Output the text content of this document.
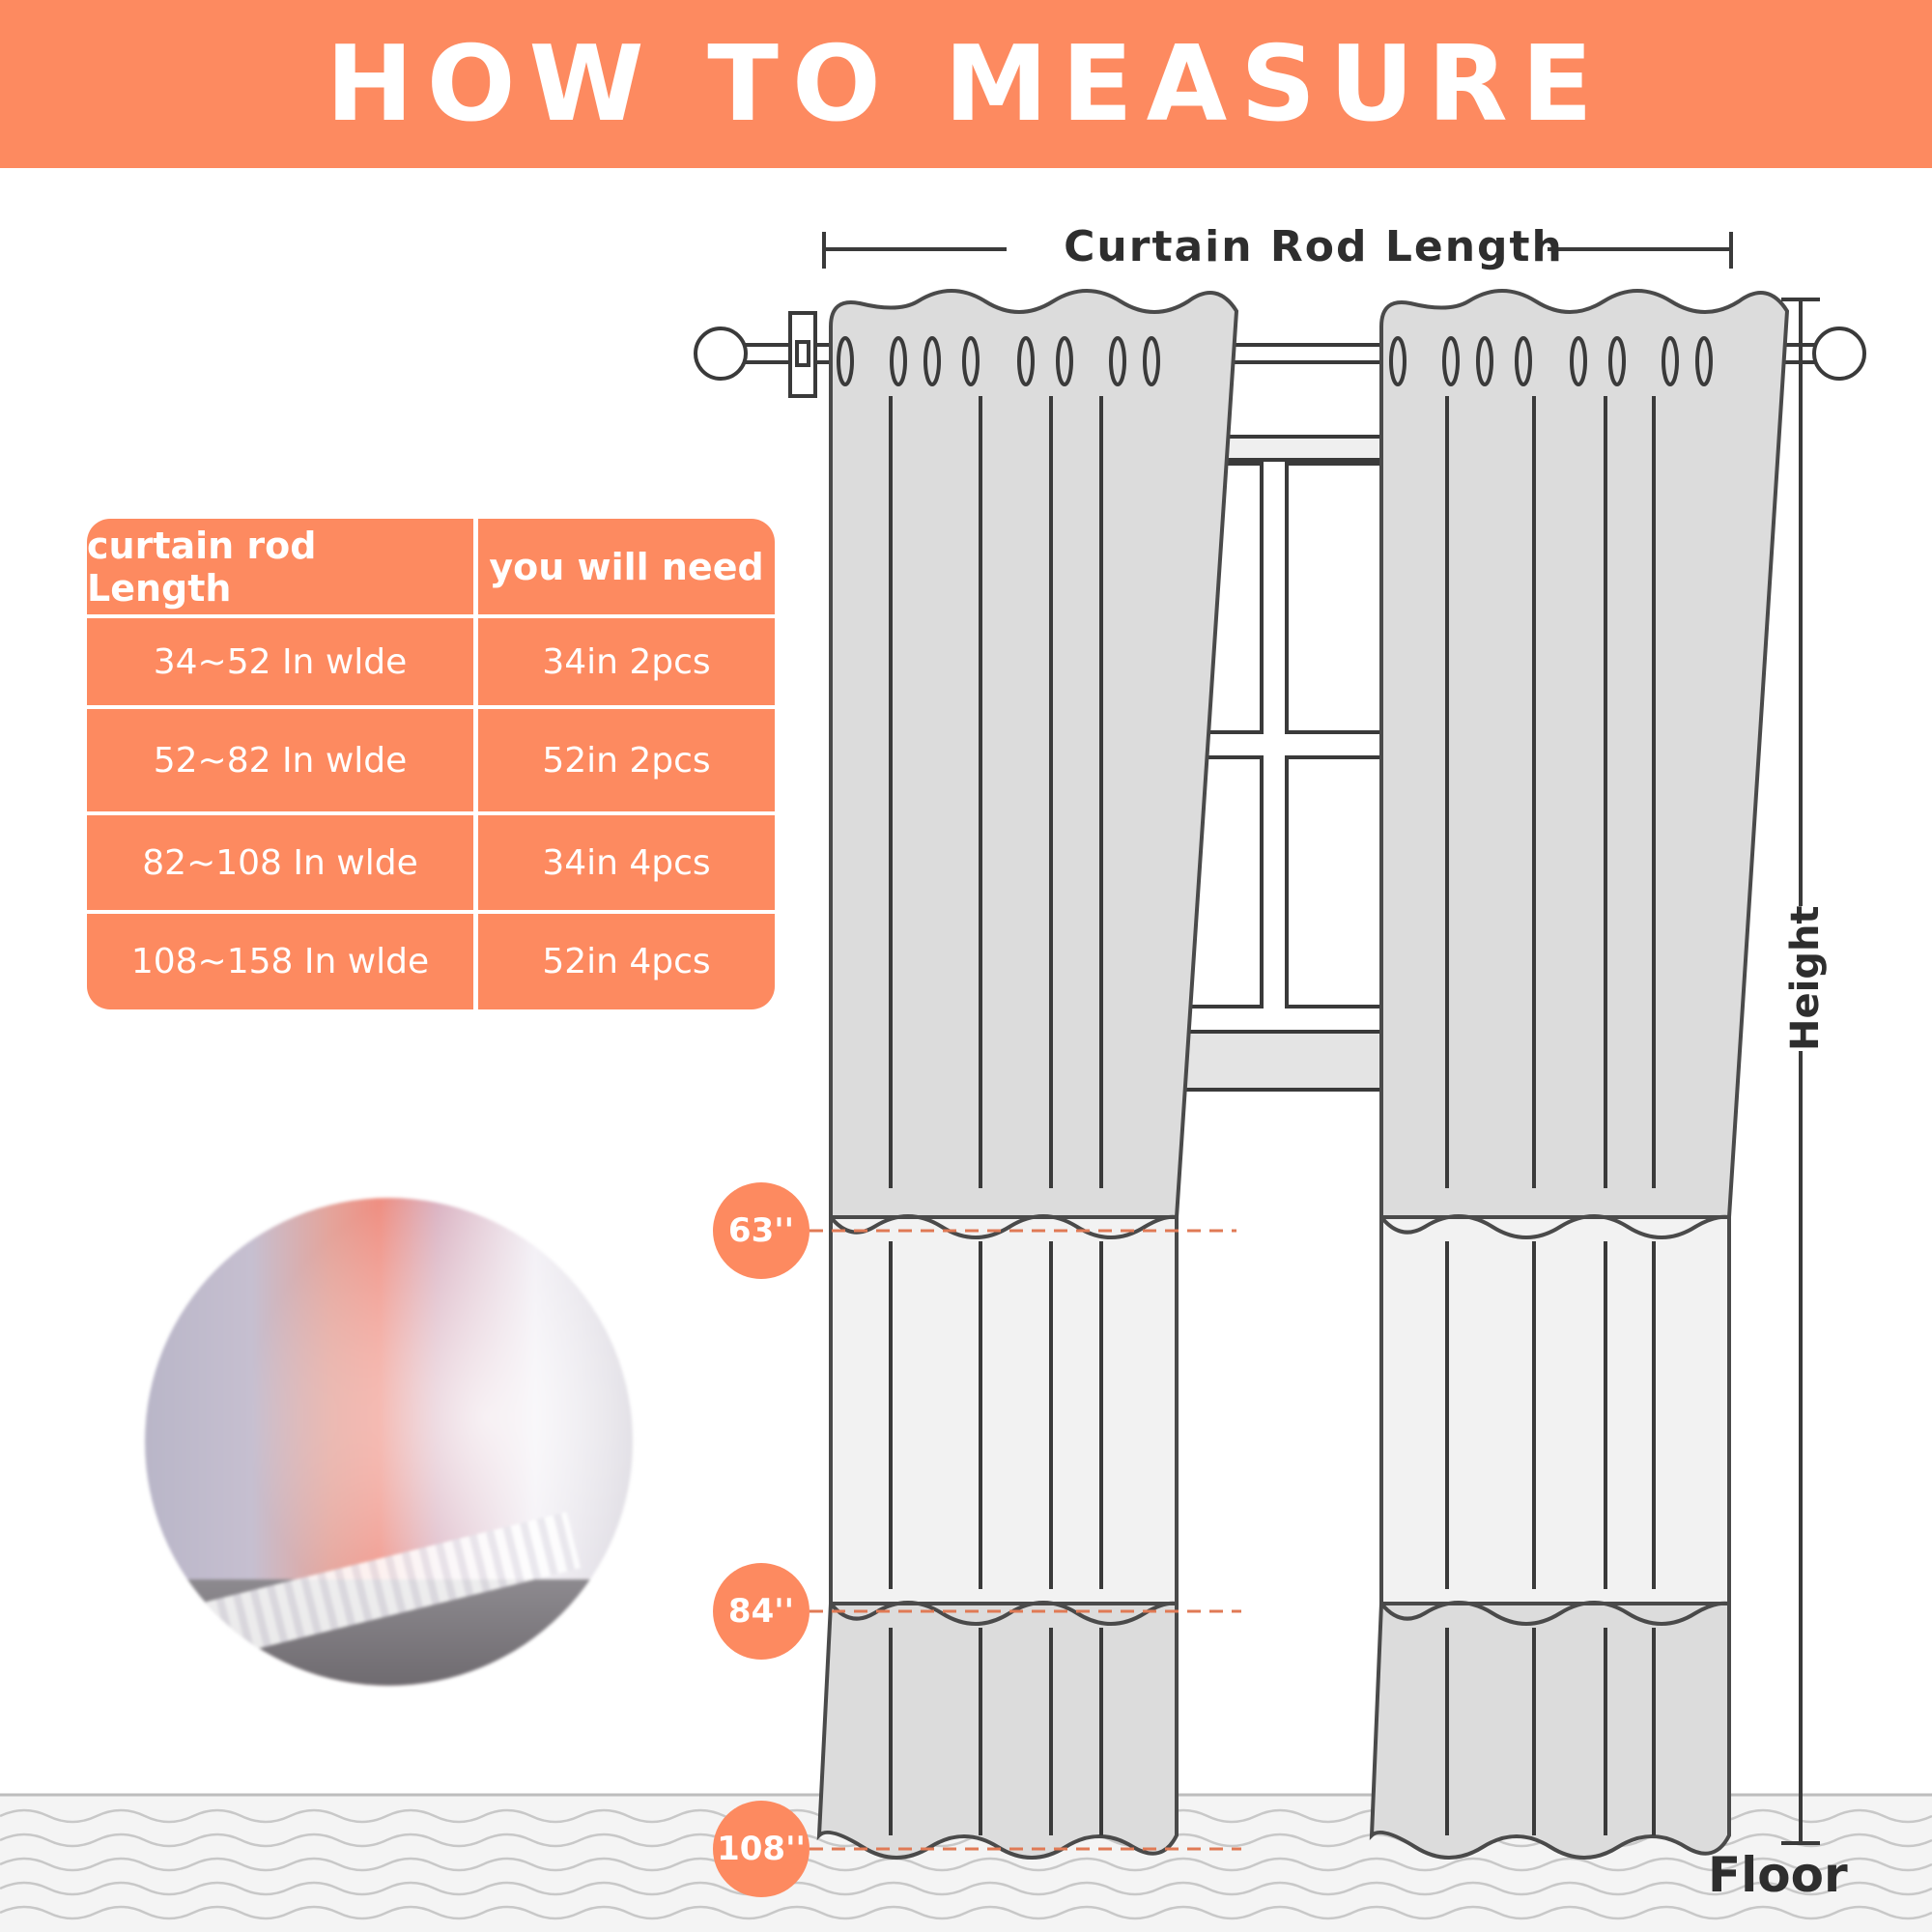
HOW TO MEASURE
Curtain Rod Length
Height
Floor
63''
84''
108''
curtain rod Length	you will need
34~52 In wlde	34in 2pcs
52~82 In wlde	52in 2pcs
82~108 In wlde	34in 4pcs
108~158 In wlde	52in 4pcs
